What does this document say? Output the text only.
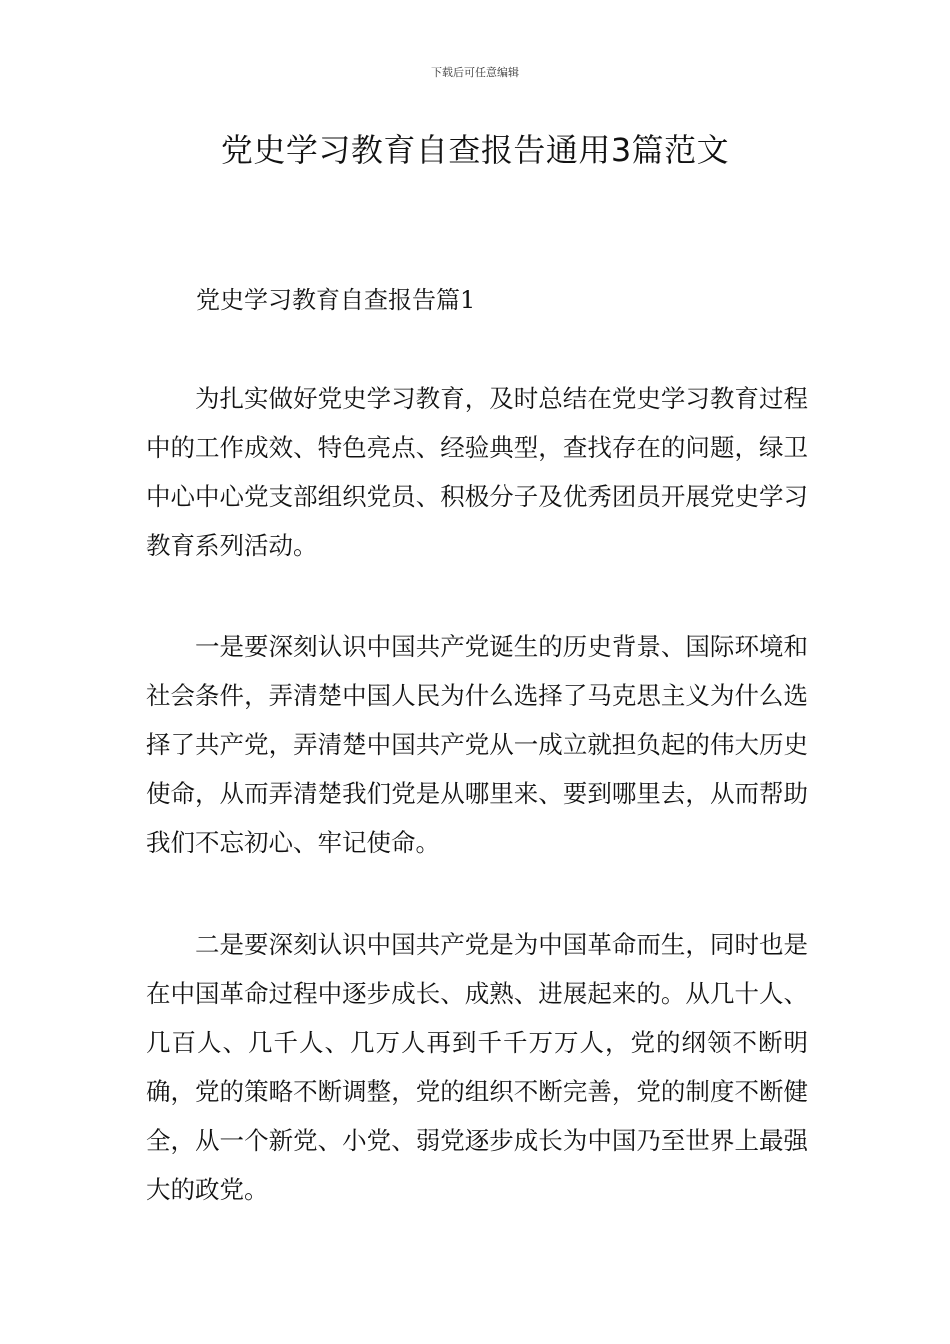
下载后可任意编辑
党史学习教育自查报告通用3篇范文
党史学习教育自查报告篇1

为扎实做好党史学习教育，及时总结在党史学习教育过程中的工作成效、特色亮点、经验典型，查找存在的问题，绿卫中心中心党支部组织党员、积极分子及优秀团员开展党史学习教育系列活动。

一是要深刻认识中国共产党诞生的历史背景、国际环境和社会条件，弄清楚中国人民为什么选择了马克思主义为什么选择了共产党，弄清楚中国共产党从一成立就担负起的伟大历史使命，从而弄清楚我们党是从哪里来、要到哪里去，从而帮助我们不忘初心、牢记使命。

二是要深刻认识中国共产党是为中国革命而生，同时也是在中国革命过程中逐步成长、成熟、进展起来的。从几十人、几百人、几千人、几万人再到千千万万人，党的纲领不断明确，党的策略不断调整，党的组织不断完善，党的制度不断健全，从一个新党、小党、弱党逐步成长为中国乃至世界上最强大的政党。
